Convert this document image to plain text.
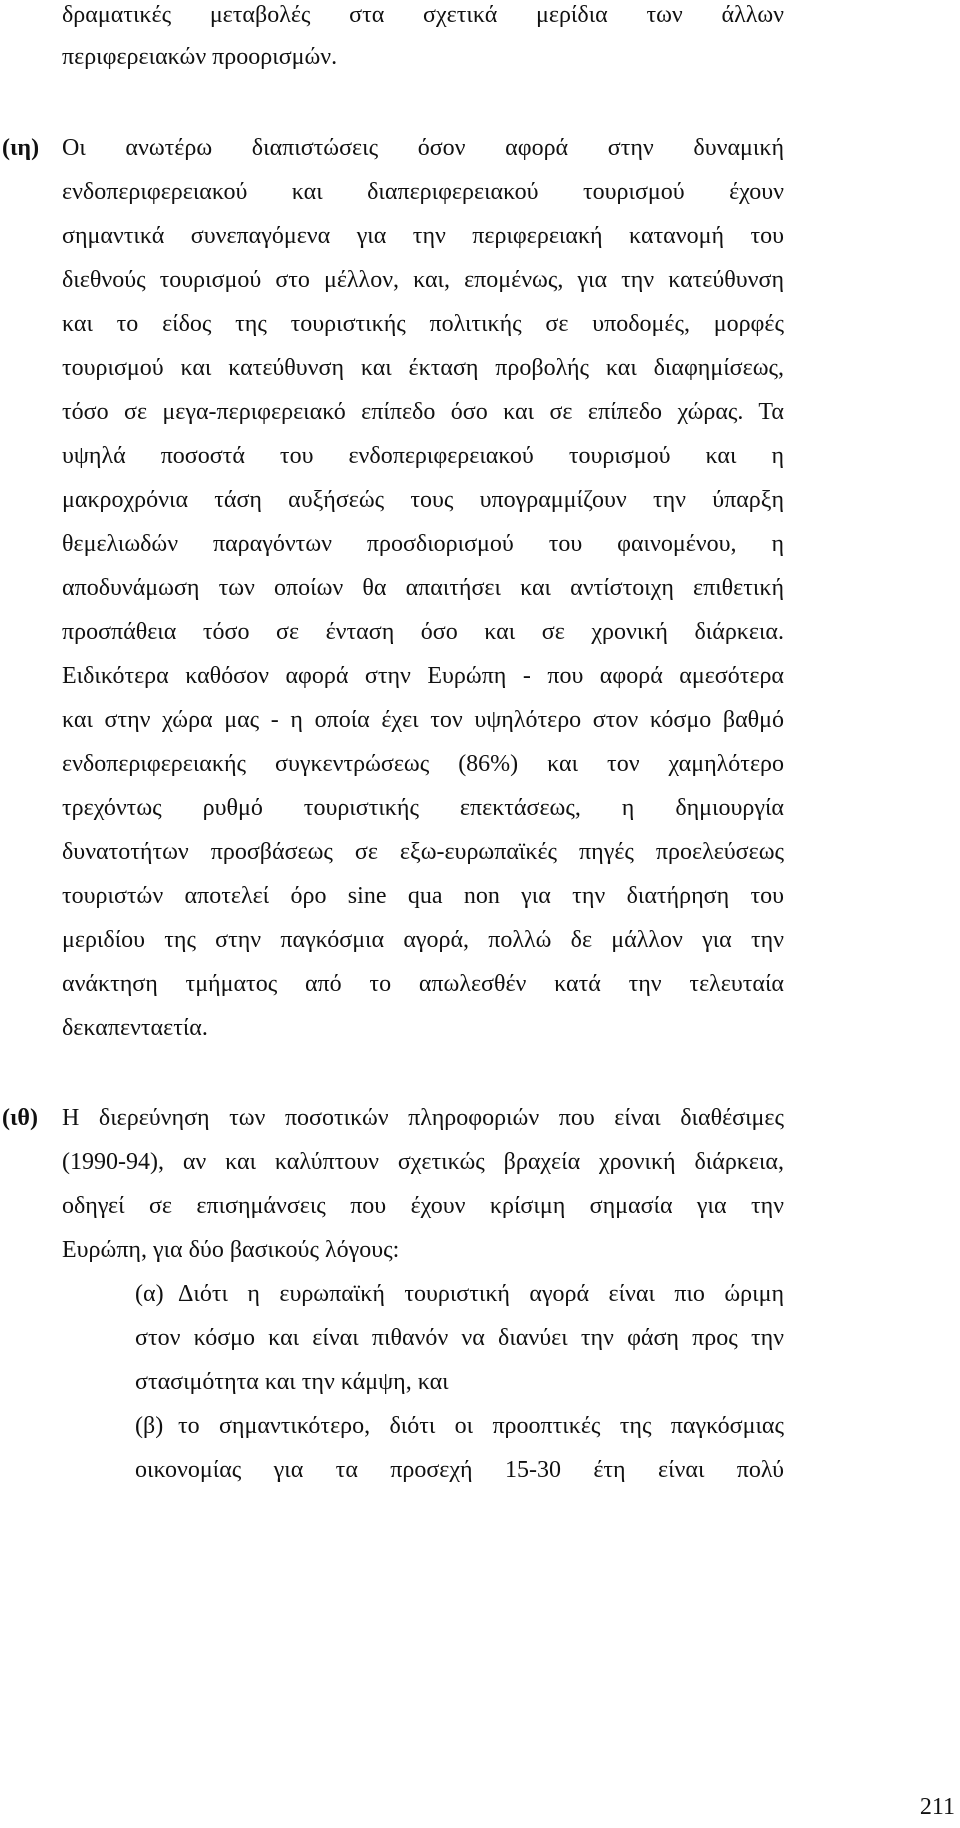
δραματικές μεταβολές στα σχετικά μερίδια των άλλων
περιφερειακών προορισμών.
(ιη) Οι ανωτέρω διαπιστώσεις όσον αφορά στην δυναμική
ενδοπεριφερειακού και διαπεριφερειακού τουρισμού έχουν
σημαντικά συνεπαγόμενα για την περιφερειακή κατανομή του
διεθνούς τουρισμού στο μέλλον, και, επομένως, για την κατεύθυνση
και το είδος της τουριστικής πολιτικής σε υποδομές, μορφές
τουρισμού και κατεύθυνση και έκταση προβολής και διαφημίσεως,
τόσο σε μεγα-περιφερειακό επίπεδο όσο και σε επίπεδο χώρας. Τα
υψηλά ποσοστά του ενδοπεριφερειακού τουρισμού και η
μακροχρόνια τάση αυξήσεώς τους υπογραμμίζουν την ύπαρξη
θεμελιωδών παραγόντων προσδιορισμού του φαινομένου, η
αποδυνάμωση των οποίων θα απαιτήσει και αντίστοιχη επιθετική
προσπάθεια τόσο σε ένταση όσο και σε χρονική διάρκεια.
Ειδικότερα καθόσον αφορά στην Ευρώπη - που αφορά αμεσότερα
και στην χώρα μας - η οποία έχει τον υψηλότερο στον κόσμο βαθμό
ενδοπεριφερειακής συγκεντρώσεως (86%) και τον χαμηλότερο
τρεχόντως ρυθμό τουριστικής επεκτάσεως, η δημιουργία
δυνατοτήτων προσβάσεως σε εξω-ευρωπαϊκές πηγές προελεύσεως
τουριστών αποτελεί όρο sine qua non για την διατήρηση του
μεριδίου της στην παγκόσμια αγορά, πολλώ δε μάλλον για την
ανάκτηση τμήματος από το απωλεσθέν κατά την τελευταία
δεκαπενταετία.
(ιθ) Η διερεύνηση των ποσοτικών πληροφοριών που είναι διαθέσιμες
(1990-94), αν και καλύπτουν σχετικώς βραχεία χρονική διάρκεια,
οδηγεί σε επισημάνσεις που έχουν κρίσιμη σημασία για την
Ευρώπη, για δύο βασικούς λόγους:
(α) Διότι η ευρωπαϊκή τουριστική αγορά είναι πιο ώριμη
στον κόσμο και είναι πιθανόν να διανύει την φάση προς την
στασιμότητα και την κάμψη, και
(β) το σημαντικότερο, διότι οι προοπτικές της παγκόσμιας
οικονομίας για τα προσεχή 15-30 έτη είναι πολύ
211
